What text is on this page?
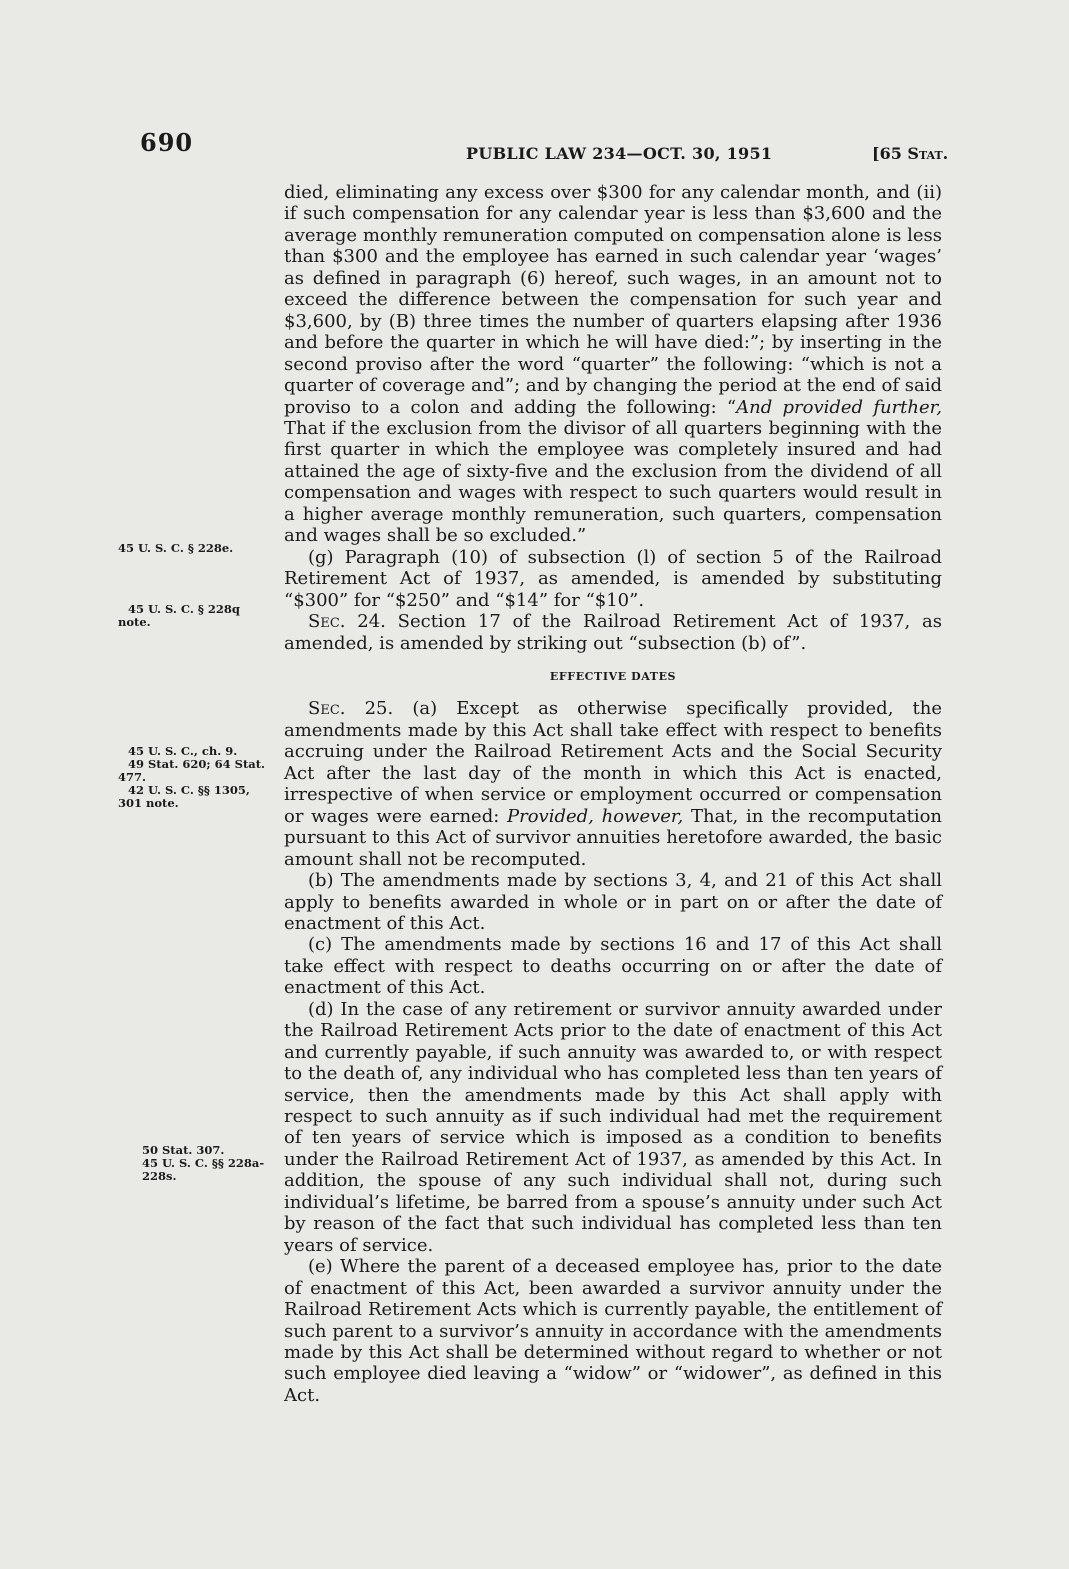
690	PUBLIC LAW 234—OCT. 30, 1951	[65 Stat.
45 U. S. C. § 228e.
45 U. S. C. § 228q
note.
45 U. S. C., ch. 9.
49 Stat. 620; 64 Stat.
477.
42 U. S. C. §§ 1305,
301 note.
50 Stat. 307.
45 U. S. C. §§ 228a-
228s.

died, eliminating any excess over $300 for any calendar month, and (ii) if such compensation for any calendar year is less than $3,600 and the average monthly remuneration computed on compensation alone is less than $300 and the employee has earned in such calendar year ‘wages’ as defined in paragraph (6) hereof, such wages, in an amount not to exceed the difference between the compensation for such year and $3,600, by (B) three times the number of quarters elapsing after 1936 and before the quarter in which he will have died:”; by inserting in the second proviso after the word “quarter” the following: “which is not a quarter of coverage and”; and by changing the period at the end of said proviso to a colon and adding the following: “And provided further, That if the exclusion from the divisor of all quarters beginning with the first quarter in which the employee was completely insured and had attained the age of sixty-five and the exclusion from the dividend of all compensation and wages with respect to such quarters would result in a higher average monthly remuneration, such quarters, compensation and wages shall be so excluded.”

(g) Paragraph (10) of subsection (l) of section 5 of the Railroad Retirement Act of 1937, as amended, is amended by substituting “$300” for “$250” and “$14” for “$10”.

Sec. 24. Section 17 of the Railroad Retirement Act of 1937, as amended, is amended by striking out “subsection (b) of”.

EFFECTIVE DATES

Sec. 25. (a) Except as otherwise specifically provided, the amendments made by this Act shall take effect with respect to benefits accruing under the Railroad Retirement Acts and the Social Security Act after the last day of the month in which this Act is enacted, irrespective of when service or employment occurred or compensation or wages were earned: Provided, however, That, in the recomputation pursuant to this Act of survivor annuities heretofore awarded, the basic amount shall not be recomputed.

(b) The amendments made by sections 3, 4, and 21 of this Act shall apply to benefits awarded in whole or in part on or after the date of enactment of this Act.

(c) The amendments made by sections 16 and 17 of this Act shall take effect with respect to deaths occurring on or after the date of enactment of this Act.

(d) In the case of any retirement or survivor annuity awarded under the Railroad Retirement Acts prior to the date of enactment of this Act and currently payable, if such annuity was awarded to, or with respect to the death of, any individual who has completed less than ten years of service, then the amendments made by this Act shall apply with respect to such annuity as if such individual had met the requirement of ten years of service which is imposed as a condition to benefits under the Railroad Retirement Act of 1937, as amended by this Act. In addition, the spouse of any such individual shall not, during such individual’s lifetime, be barred from a spouse’s annuity under such Act by reason of the fact that such individual has completed less than ten years of service.

(e) Where the parent of a deceased employee has, prior to the date of enactment of this Act, been awarded a survivor annuity under the Railroad Retirement Acts which is currently payable, the entitlement of such parent to a survivor’s annuity in accordance with the amendments made by this Act shall be determined without regard to whether or not such employee died leaving a “widow” or “widower”, as defined in this Act.
